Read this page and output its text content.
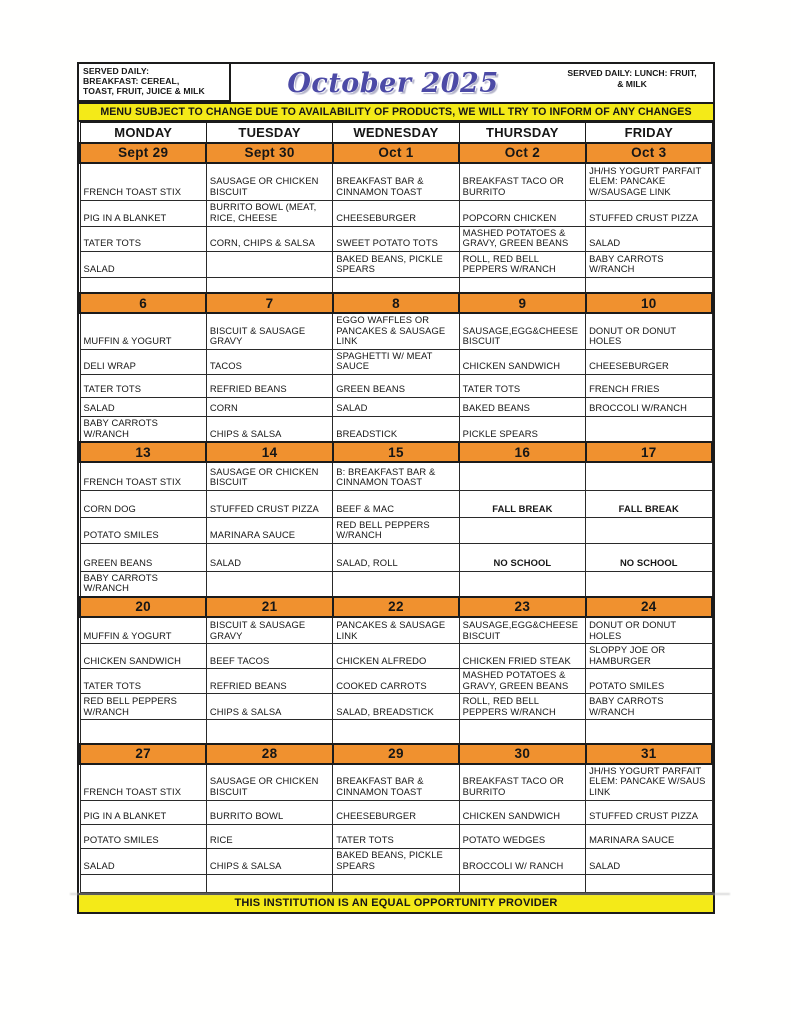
SERVED DAILY:
BREAKFAST: CEREAL,
TOAST, FRUIT, JUICE & MILK	October 2025	SERVED DAILY: LUNCH: FRUIT,
& MILK
MENU SUBJECT TO CHANGE DUE TO AVAILABILITY OF PRODUCTS, WE WILL TRY TO INFORM OF ANY CHANGES
MONDAY	TUESDAY	WEDNESDAY	THURSDAY	FRIDAY
Sept 29	Sept 30	Oct 1	Oct 2	Oct 3
FRENCH TOAST STIX	SAUSAGE OR CHICKEN BISCUIT	BREAKFAST BAR & CINNAMON TOAST	BREAKFAST TACO OR BURRITO	JH/HS YOGURT PARFAIT ELEM: PANCAKE W/SAUSAGE LINK
PIG IN A BLANKET	BURRITO BOWL (MEAT, RICE, CHEESE	CHEESEBURGER	POPCORN CHICKEN	STUFFED CRUST PIZZA
TATER TOTS	CORN, CHIPS & SALSA	SWEET POTATO TOTS	MASHED POTATOES & GRAVY, GREEN BEANS	SALAD
SALAD		BAKED BEANS, PICKLE SPEARS	ROLL, RED BELL PEPPERS W/RANCH	BABY CARROTS W/RANCH

6	7	8	9	10
MUFFIN & YOGURT	BISCUIT & SAUSAGE GRAVY	EGGO WAFFLES OR PANCAKES & SAUSAGE LINK	SAUSAGE,EGG&CHEESE BISCUIT	DONUT OR DONUT HOLES
DELI WRAP	TACOS	SPAGHETTI W/ MEAT SAUCE	CHICKEN SANDWICH	CHEESEBURGER
TATER TOTS	REFRIED BEANS	GREEN BEANS	TATER TOTS	FRENCH FRIES
SALAD	CORN	SALAD	BAKED BEANS	BROCCOLI W/RANCH
BABY CARROTS W/RANCH	CHIPS & SALSA	BREADSTICK	PICKLE SPEARS	
13	14	15	16	17
FRENCH TOAST STIX	SAUSAGE OR CHICKEN BISCUIT	B: BREAKFAST BAR & CINNAMON TOAST		
CORN DOG	STUFFED CRUST PIZZA	BEEF & MAC	FALL BREAK	FALL BREAK
POTATO SMILES	MARINARA SAUCE	RED BELL PEPPERS W/RANCH		
GREEN BEANS	SALAD	SALAD, ROLL	NO SCHOOL	NO SCHOOL
BABY CARROTS W/RANCH				
20	21	22	23	24
MUFFIN & YOGURT	BISCUIT & SAUSAGE GRAVY	PANCAKES & SAUSAGE LINK	SAUSAGE,EGG&CHEESE BISCUIT	DONUT OR DONUT HOLES
CHICKEN SANDWICH	BEEF TACOS	CHICKEN ALFREDO	CHICKEN FRIED STEAK	SLOPPY JOE OR HAMBURGER
TATER TOTS	REFRIED BEANS	COOKED CARROTS	MASHED POTATOES & GRAVY, GREEN BEANS	POTATO SMILES
RED BELL PEPPERS W/RANCH	CHIPS & SALSA	SALAD, BREADSTICK	ROLL, RED BELL PEPPERS W/RANCH	BABY CARROTS W/RANCH

27	28	29	30	31
FRENCH TOAST STIX	SAUSAGE OR CHICKEN BISCUIT	BREAKFAST BAR & CINNAMON TOAST	BREAKFAST TACO OR BURRITO	JH/HS YOGURT PARFAIT ELEM: PANCAKE W/SAUS LINK
PIG IN A BLANKET	BURRITO BOWL	CHEESEBURGER	CHICKEN SANDWICH	STUFFED CRUST PIZZA
POTATO SMILES	RICE	TATER TOTS	POTATO WEDGES	MARINARA SAUCE
SALAD	CHIPS & SALSA	BAKED BEANS, PICKLE SPEARS	BROCCOLI W/ RANCH	SALAD

THIS INSTITUTION IS AN EQUAL OPPORTUNITY PROVIDER
